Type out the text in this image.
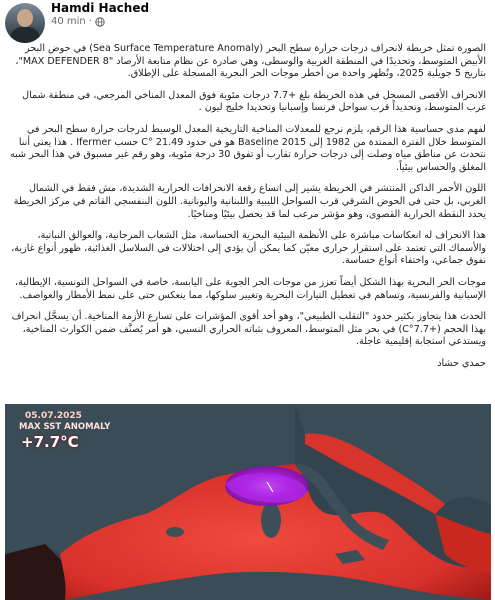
Hamdi Hached
40 min ·

الصورة تمثل خريطة لانحراف درجات حرارة سطح البحر (Sea Surface Temperature Anomaly) في حوض البحر الأبيض المتوسط، وتحديدًا في المنطقة الغربية والوسطى، وهي صادرة عن نظام متابعة الأرصاد "MAX DEFENDER 8"، بتاريخ 5 جويلية 2025، وتُظهر واحدة من أخطر موجات الحر البحرية المسجلة على الإطلاق.

الانحراف الأقصى المسجل في هذه الخريطة بلغ +7.7 درجات مئوية فوق المعدل المناخي المرجعي، في منطقة شمال غرب المتوسط، وتحديداً قرب سواحل فرنسا وإسبانيا وتحديدا خليج ليون .

لفهم مدى حساسية هذا الرقم، يلزم نرجع للمعدلات المناخية التاريخية المعدل الوسيط لدرجات حرارة سطح البحر في المتوسط خلال الفترة الممتدة من 1982 إلى Baseline 2015 هو في حدود 21.49 °C حسب Ifermer . هذا يعني أننا نتحدث عن مناطق مياه وصلت إلى درجات حرارة تقارب أو تفوق 30 درجة مئوية، وهو رقم غير مسبوق في هذا البحر شبه المغلق والحساس بيئياً.

اللون الأحمر الداكن المنتشر في الخريطة يشير إلى اتساع رقعة الانحرافات الحرارية الشديدة، مش فقط في الشمال الغربي، بل حتى في الحوض الشرقي قرب السواحل الليبية واللبنانية واليونانية. اللون البنفسجي القاتم في مركز الخريطة يحدد النقطة الحرارية القصوى، وهو مؤشر مرعب لما قد يحصل بيئيًا ومناخيًا.

هذا الانحراف له انعكاسات مباشرة على الأنظمة البيئية البحرية الحساسة، مثل الشعاب المرجانية، والعوالق النباتية، والأسماك التي تعتمد على استقرار حراري معيّن كما يمكن أن يؤدي إلى اختلالات في السلاسل الغذائية، ظهور أنواع غازية، نفوق جماعي، واختفاء أنواع حساسة.

موجات الحر البحرية بهذا الشكل أيضاً تعزز من موجات الحر الجوية على اليابسة، خاصة في السواحل التونسية، الإيطالية، الإسبانية والفرنسية، وتساهم في تعطيل التيارات البحرية وتغيير سلوكها، مما ينعكس حتى على نمط الأمطار والعواصف.

الحدث هذا يتجاوز بكثير حدود "التقلب الطبيعي"، وهو أحد أقوى المؤشرات على تسارع الأزمة المناخية. أن يسجَّل انحراف بهذا الحجم (+7.7°C) في بحر مثل المتوسط، المعروف بثباته الحراري النسبي، هو أمر يُصنَّف ضمن الكوارث المناخية، ويستدعي استجابة إقليمية عاجلة.

حمدي حشاد

05.07.2025
MAX SST ANOMALY
+7.7°C
